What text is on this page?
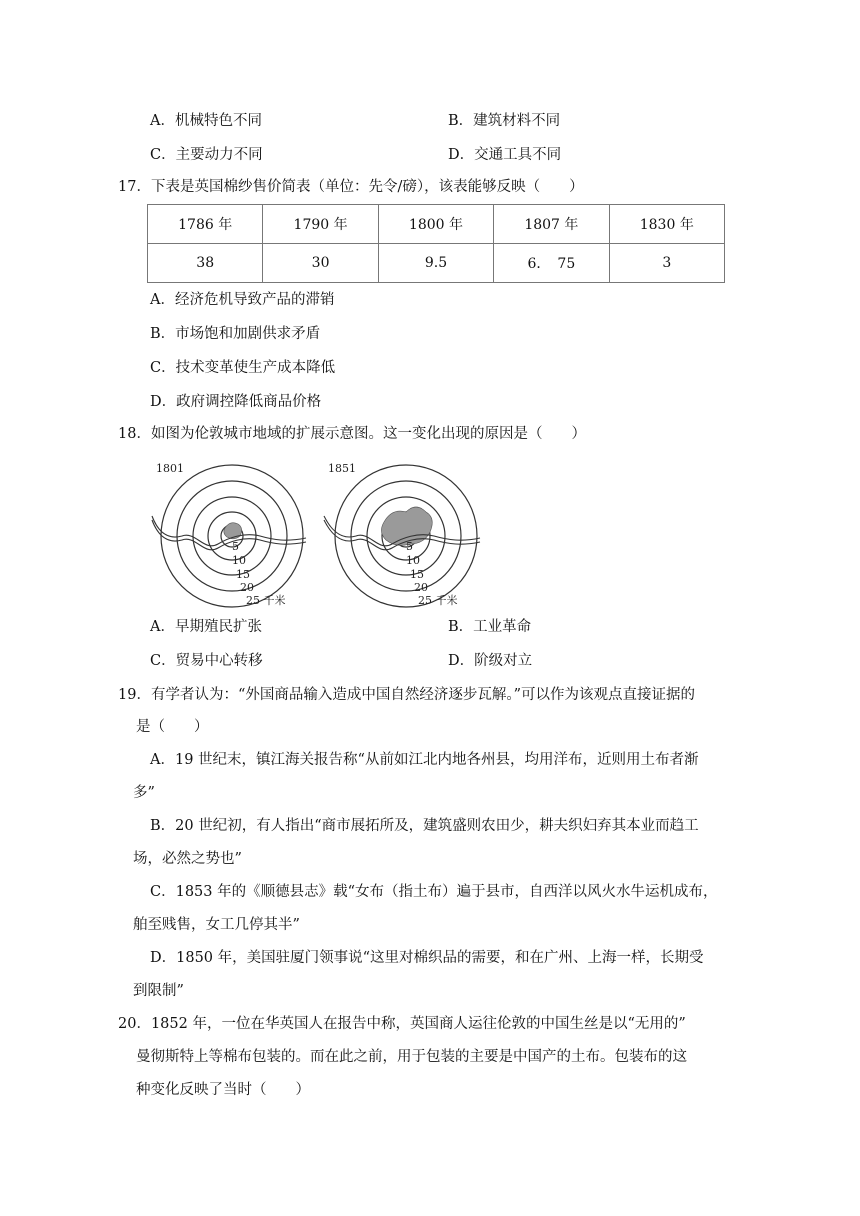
A．机械特色不同	B．建筑材料不同
C．主要动力不同	D．交通工具不同
17．下表是英国棉纱售价简表（单位：先令/磅），该表能够反映（　　）
1786 年	1790 年	1800 年	1807 年	1830 年
38	30	9.5	6．　75	3
A．经济危机导致产品的滞销
B．市场饱和加剧供求矛盾
C．技术变革使生产成本降低
D．政府调控降低商品价格
18．如图为伦敦城市地域的扩展示意图。这一变化出现的原因是（　　）
1801
5
10
15
20
25 千米
1851
5
10
15
20
25 千米
A．早期殖民扩张	B．工业革命
C．贸易中心转移	D．阶级对立
19．有学者认为：“外国商品输入造成中国自然经济逐步瓦解。”可以作为该观点直接证据的
是（　　）
A．19 世纪末，镇江海关报告称“从前如江北内地各州县，均用洋布，近则用土布者渐
多”
B．20 世纪初，有人指出“商市展拓所及，建筑盛则农田少，耕夫织妇弃其本业而趋工
场，必然之势也”
C．1853 年的《顺德县志》载“女布（指土布）遍于县市，自西洋以风火水牛运机成布，
舶至贱售，女工几停其半”
D．1850 年，美国驻厦门领事说“这里对棉织品的需要，和在广州、上海一样，长期受
到限制”
20．1852 年，一位在华英国人在报告中称，英国商人运往伦敦的中国生丝是以“无用的”
曼彻斯特上等棉布包装的。而在此之前，用于包装的主要是中国产的土布。包装布的这
种变化反映了当时（　　）
